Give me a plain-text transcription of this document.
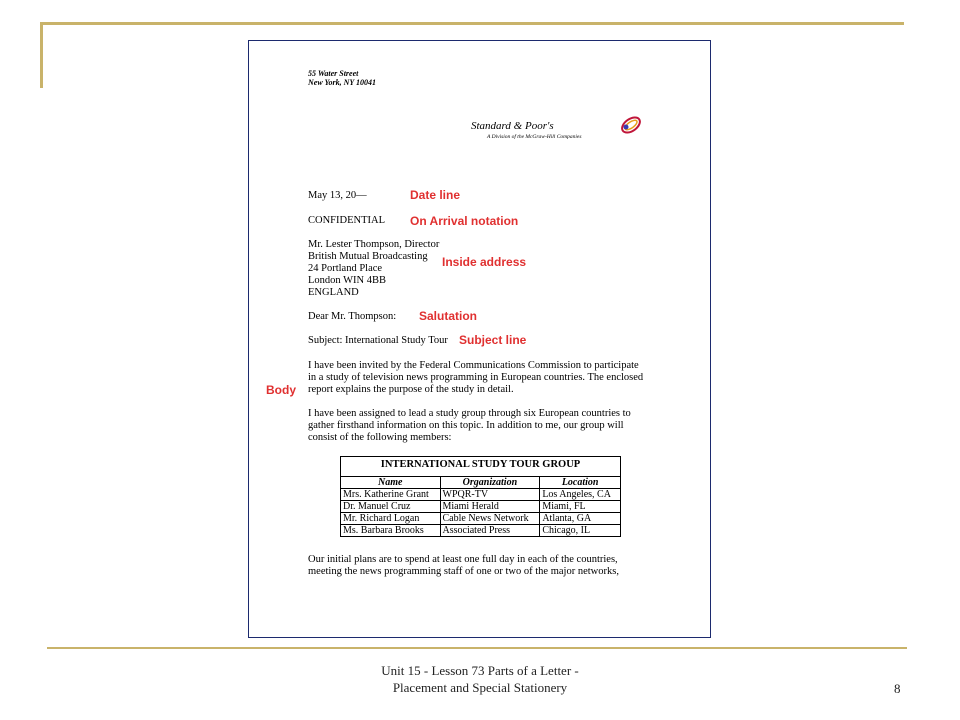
55 Water Street
New York, NY 10041
Standard & Poor's
A Division of the McGraw-Hill Companies
May 13, 20—
CONFIDENTIAL
Mr. Lester Thompson, Director
British Mutual Broadcasting
24 Portland Place
London WIN 4BB
ENGLAND
Dear Mr. Thompson:
Subject: International Study Tour
I have been invited by the Federal Communications Commission to participate
in a study of television news programming in European countries. The enclosed
report explains the purpose of the study in detail.
I have been assigned to lead a study group through six European countries to
gather firsthand information on this topic. In addition to me, our group will
consist of the following members:
INTERNATIONAL STUDY TOUR GROUP
Name	Organization	Location
Mrs. Katherine Grant	WPQR-TV	Los Angeles, CA
Dr. Manuel Cruz	Miami Herald	Miami, FL
Mr. Richard Logan	Cable News Network	Atlanta, GA
Ms. Barbara Brooks	Associated Press	Chicago, IL
Our initial plans are to spend at least one full day in each of the countries,
meeting the news programming staff of one or two of the major networks,
Date line
On Arrival notation
Inside address
Salutation
Subject line
Body
Unit 15 - Lesson 73 Parts of a Letter -
Placement and Special Stationery	8
